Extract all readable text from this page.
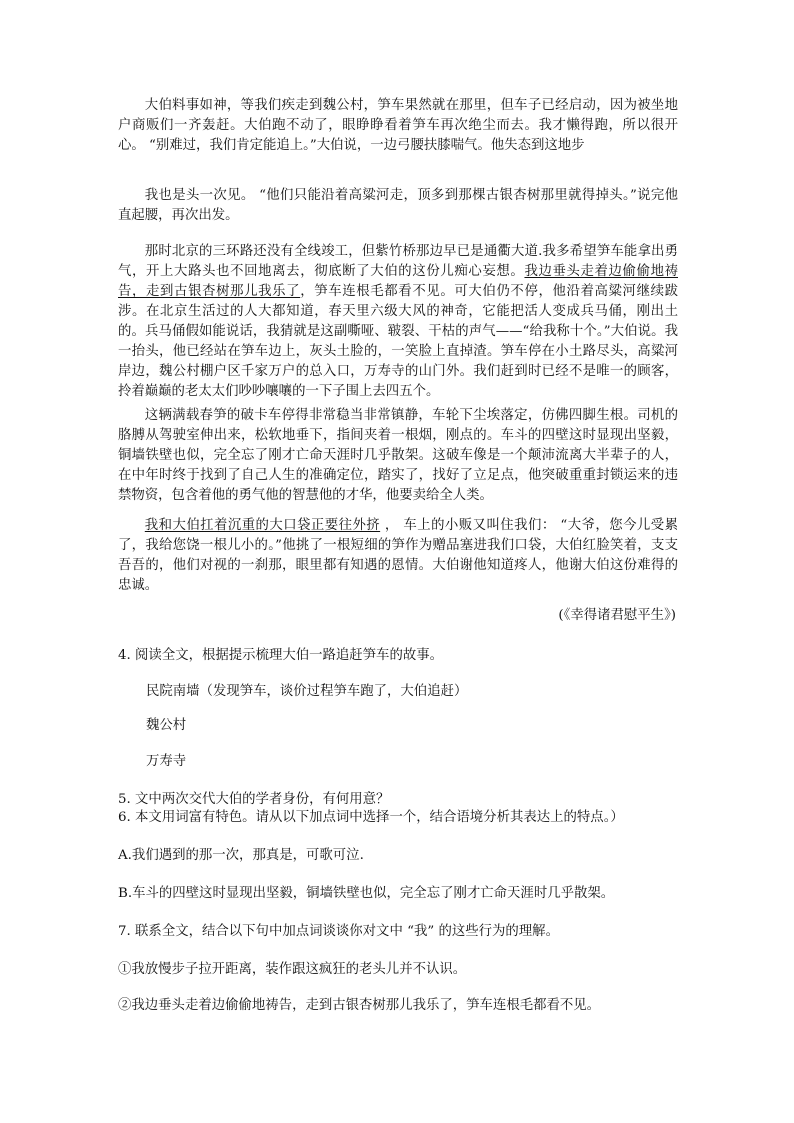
大伯料事如神，等我们疾走到魏公村，笋车果然就在那里，但车子已经启动，因为被坐地户商贩们一齐轰赶。大伯跑不动了，眼睁睁看着笋车再次绝尘而去。我才懒得跑，所以很开心。 “别难过，我们肯定能追上。”大伯说，一边弓腰扶膝喘气。他失态到这地步

我也是头一次见。 “他们只能沿着高粱河走，顶多到那棵古银杏树那里就得掉头。”说完他直起腰，再次出发。

那时北京的三环路还没有全线竣工，但紫竹桥那边早已是通衢大道.我多希望笋车能拿出勇气，开上大路头也不回地离去，彻底断了大伯的这份儿痴心妄想。我边垂头走着边偷偷地祷告，走到古银杏树那儿我乐了，笋车连根毛都看不见。可大伯仍不停，他沿着高粱河继续跋涉。在北京生活过的人大都知道，春天里六级大风的神奇，它能把活人变成兵马俑，刚出土的。兵马俑假如能说话，我猜就是这副嘶哑、皲裂、干枯的声气——“给我称十个。”大伯说。我一抬头，他已经站在笋车边上，灰头土脸的，一笑脸上直掉渣。笋车停在小土路尽头，高粱河岸边，魏公村棚户区千家万户的总入口，万寿寺的山门外。我们赶到时已经不是唯一的顾客，拎着巅巅的老太太们吵吵嚷嚷的一下子围上去四五个。

这辆满载春笋的破卡车停得非常稳当非常镇静，车轮下尘埃落定，仿佛四脚生根。司机的胳膊从驾驶室伸出来，松软地垂下，指间夹着一根烟，刚点的。车斗的四壁这时显现出坚毅，铜墙铁壁也似，完全忘了刚才亡命天涯时几乎散架。这破车像是一个颠沛流离大半辈子的人，在中年时终于找到了自己人生的准确定位，踏实了，找好了立足点，他突破重重封锁运来的违禁物资，包含着他的勇气他的智慧他的才华，他要卖给全人类。

我和大伯扛着沉重的大口袋正要往外挤 ， 车上的小贩又叫住我们： “大爷，您今儿受累了，我给您饶一根儿小的。”他挑了一根短细的笋作为赠品塞进我们口袋，大伯红脸笑着，支支吾吾的，他们对视的一刹那，眼里都有知遇的恩情。大伯谢他知道疼人，他谢大伯这份难得的忠诚。

(《幸得诸君慰平生》)

4. 阅读全文，根据提示梳理大伯一路追赶笋车的故事。

民院南墙（发现笋车，谈价过程笋车跑了，大伯追赶）

魏公村

万寿寺

5. 文中两次交代大伯的学者身份，有何用意？

6. 本文用词富有特色。请从以下加点词中选择一个，结合语境分析其表达上的特点。）

A.我们遇到的那一次，那真是，可歌可泣.

B.车斗的四壁这时显现出坚毅，铜墙铁壁也似，完全忘了刚才亡命天涯时几乎散架。

7. 联系全文，结合以下句中加点词谈谈你对文中 “我” 的这些行为的理解。

①我放慢步子拉开距离，装作跟这疯狂的老头儿并不认识。

②我边垂头走着边偷偷地祷告，走到古银杏树那儿我乐了，笋车连根毛都看不见。
